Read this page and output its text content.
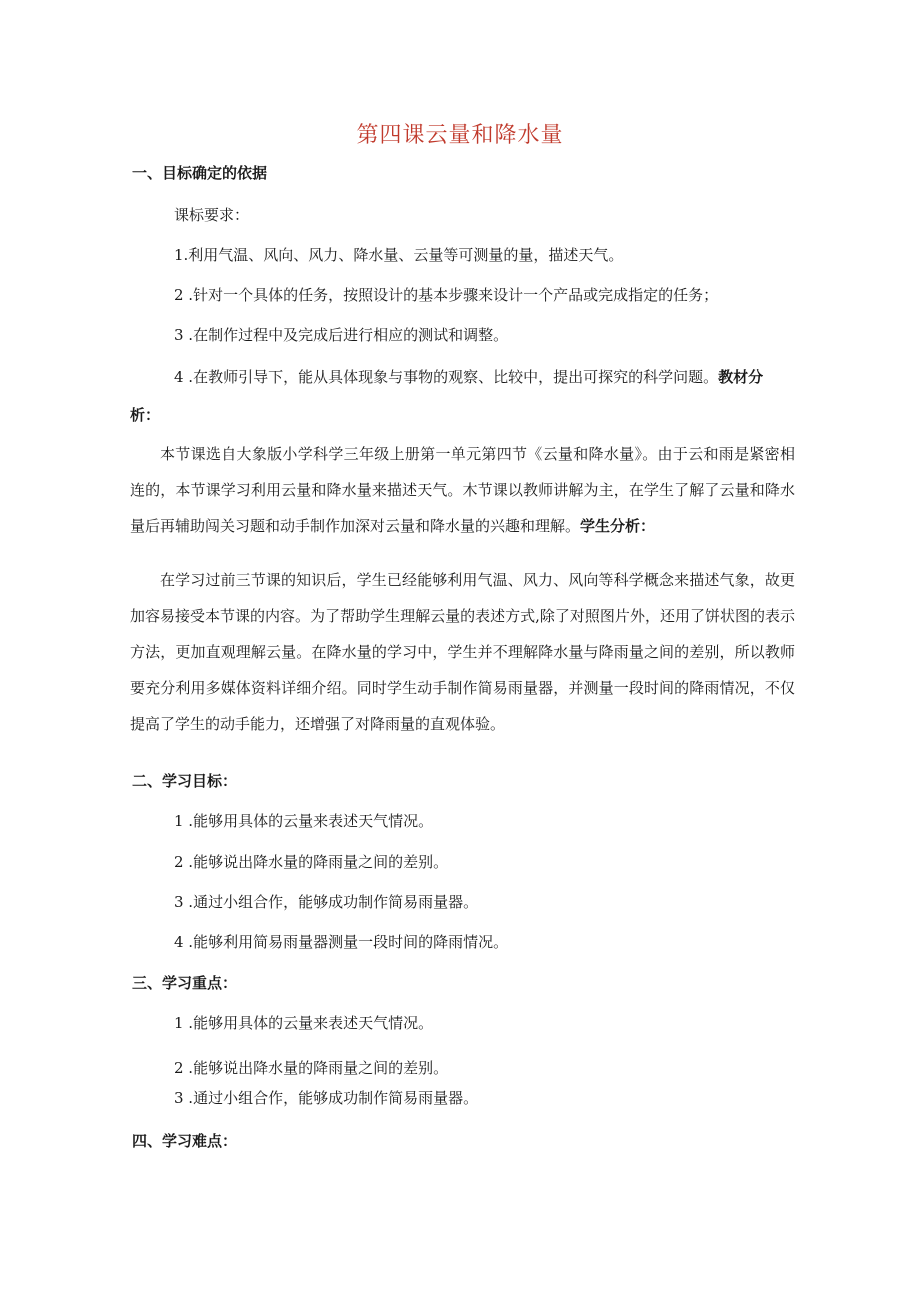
第四课云量和降水量
一、目标确定的依据
课标要求：
1.利用气温、风向、风力、降水量、云量等可测量的量，描述天气。
2 .针对一个具体的任务，按照设计的基本步骤来设计一个产品或完成指定的任务；
3 .在制作过程中及完成后进行相应的测试和调整。
4 .在教师引导下，能从具体现象与事物的观察、比较中，提出可探究的科学问题。教材分
析：
本节课选自大象版小学科学三年级上册第一单元第四节《云量和降水量》。由于云和雨是紧密相连的，本节课学习利用云量和降水量来描述天气。木节课以教师讲解为主，在学生了解了云量和降水量后再辅助闯关习题和动手制作加深对云量和降水量的兴趣和理解。学生分析：
在学习过前三节课的知识后，学生已经能够利用气温、风力、风向等科学概念来描述气象，故更加容易接受本节课的内容。为了帮助学生理解云量的表述方式,除了对照图片外，还用了饼状图的表示方法，更加直观理解云量。在降水量的学习中，学生并不理解降水量与降雨量之间的差别，所以教师要充分利用多媒体资料详细介绍。同时学生动手制作简易雨量器，并测量一段时间的降雨情况，不仅提高了学生的动手能力，还增强了对降雨量的直观体验。
二、学习目标：
1 .能够用具体的云量来表述天气情况。
2 .能够说出降水量的降雨量之间的差别。
3 .通过小组合作，能够成功制作简易雨量器。
4 .能够利用简易雨量器测量一段时间的降雨情况。
三、学习重点：
1 .能够用具体的云量来表述天气情况。
2 .能够说出降水量的降雨量之间的差别。
3 .通过小组合作，能够成功制作简易雨量器。
四、学习难点：
